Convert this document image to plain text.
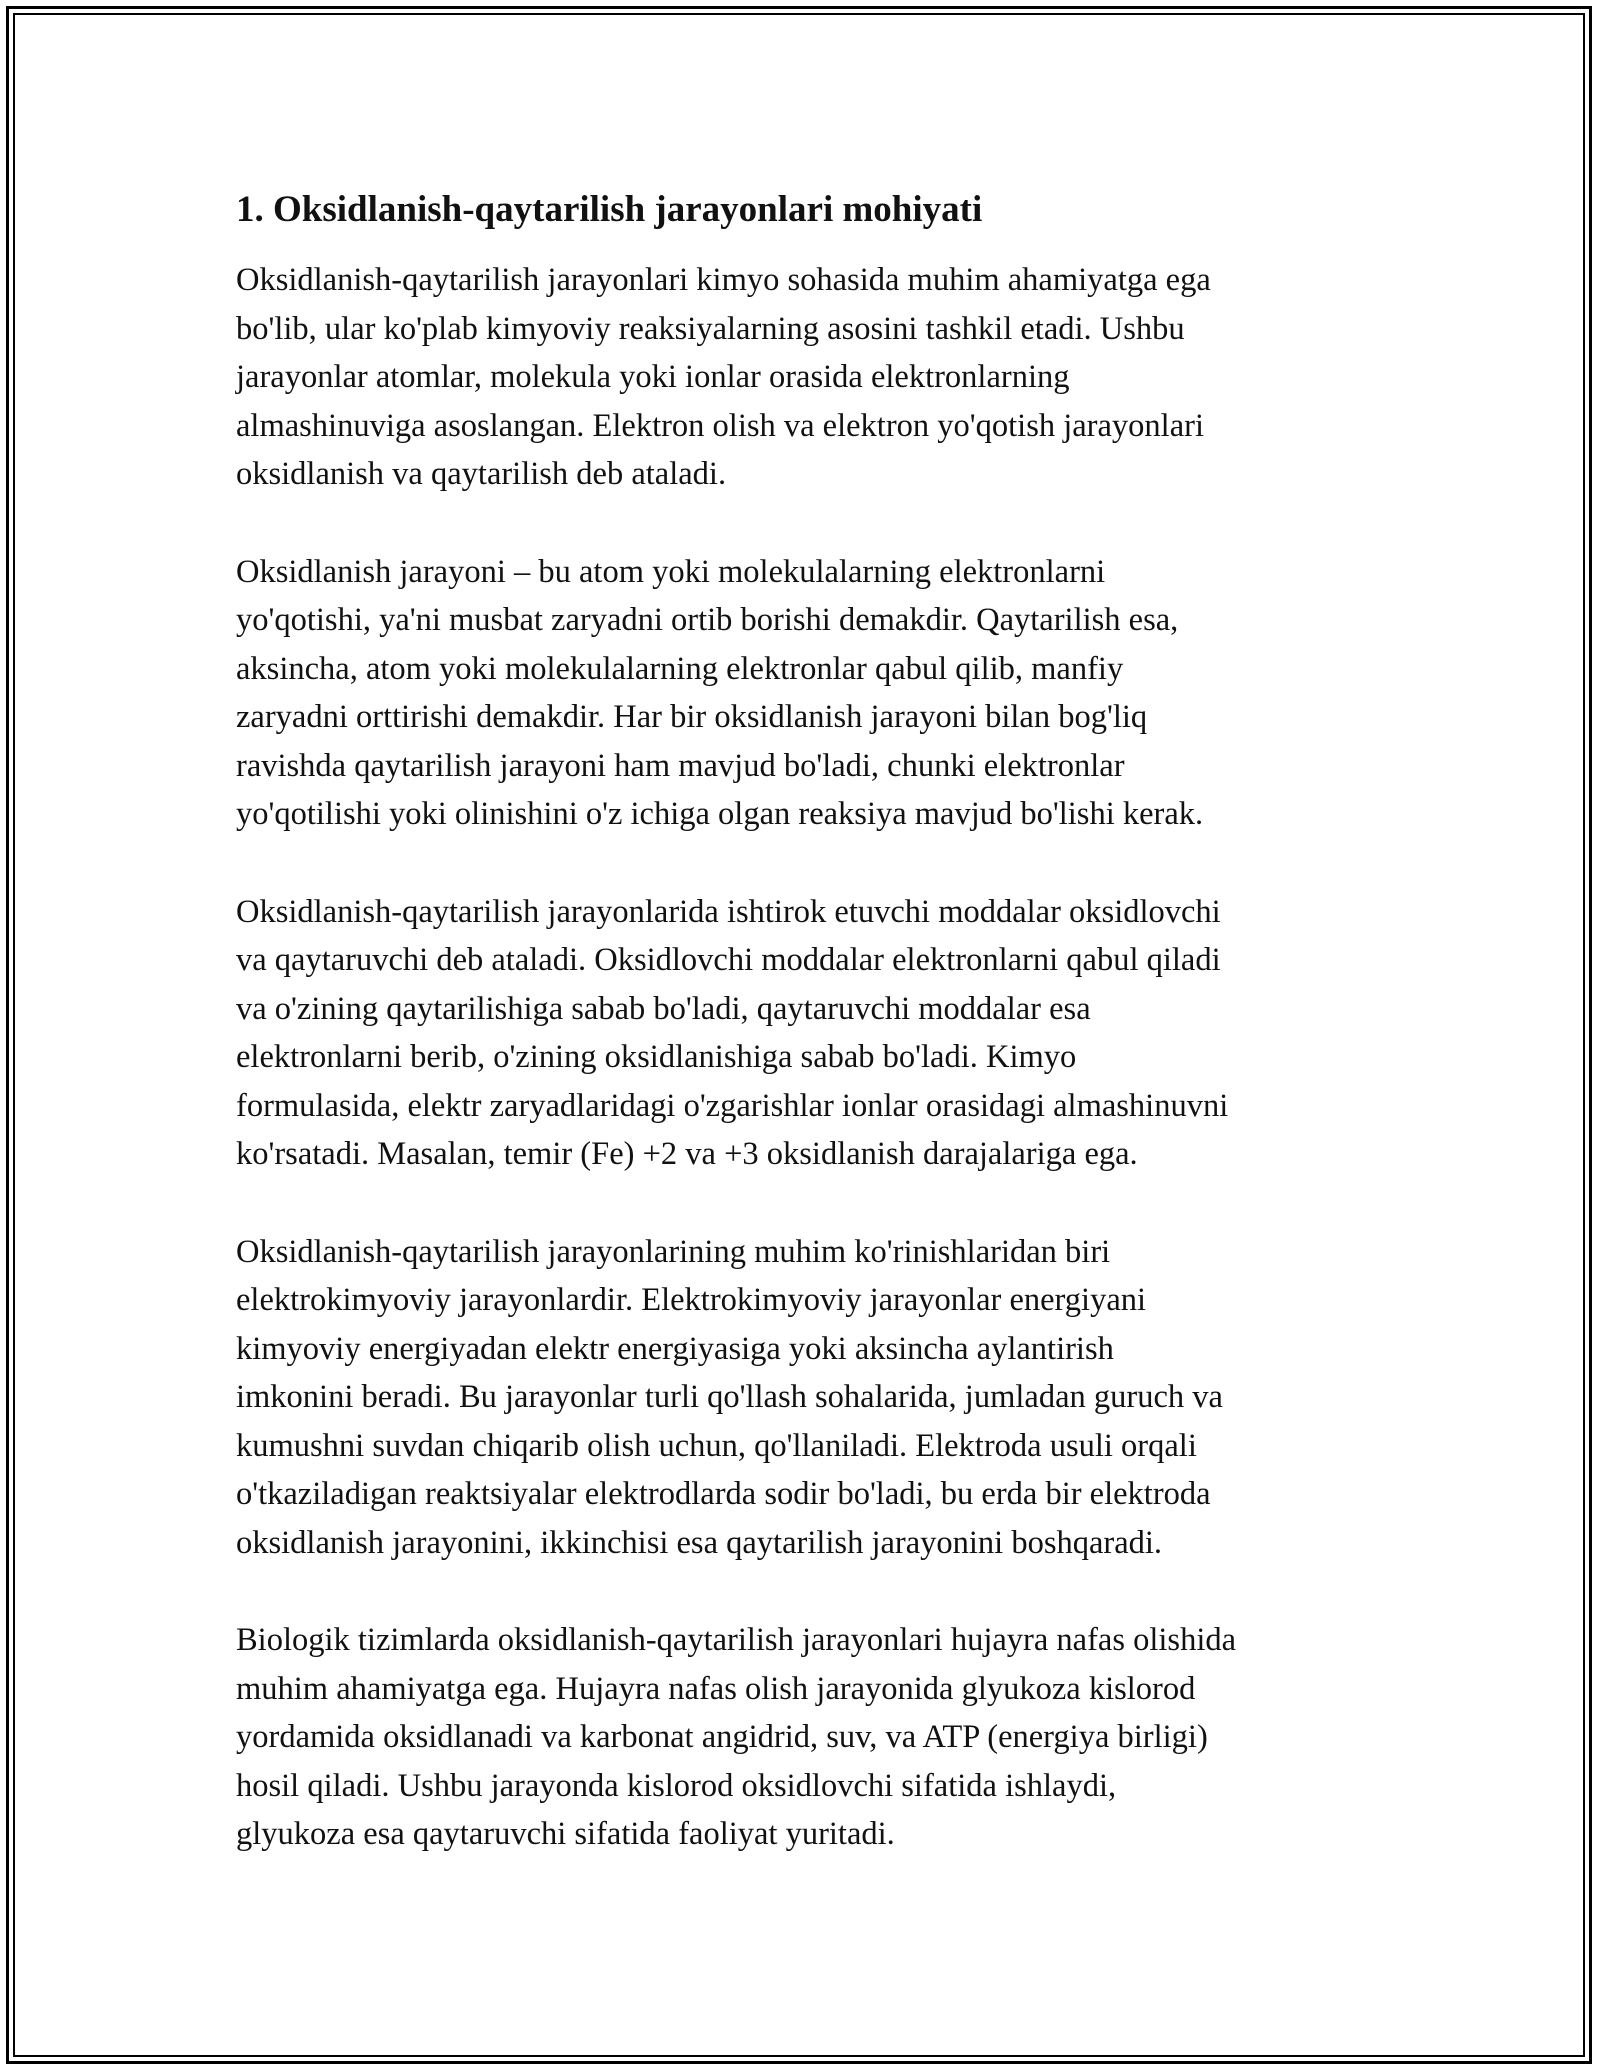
1. Oksidlanish-qaytarilish jarayonlari mohiyati

Oksidlanish-qaytarilish jarayonlari kimyo sohasida muhim ahamiyatga ega
bo'lib, ular ko'plab kimyoviy reaksiyalarning asosini tashkil etadi. Ushbu
jarayonlar atomlar, molekula yoki ionlar orasida elektronlarning
almashinuviga asoslangan. Elektron olish va elektron yo'qotish jarayonlari
oksidlanish va qaytarilish deb ataladi.

Oksidlanish jarayoni – bu atom yoki molekulalarning elektronlarni
yo'qotishi, ya'ni musbat zaryadni ortib borishi demakdir. Qaytarilish esa,
aksincha, atom yoki molekulalarning elektronlar qabul qilib, manfiy
zaryadni orttirishi demakdir. Har bir oksidlanish jarayoni bilan bog'liq
ravishda qaytarilish jarayoni ham mavjud bo'ladi, chunki elektronlar
yo'qotilishi yoki olinishini o'z ichiga olgan reaksiya mavjud bo'lishi kerak.

Oksidlanish-qaytarilish jarayonlarida ishtirok etuvchi moddalar oksidlovchi
va qaytaruvchi deb ataladi. Oksidlovchi moddalar elektronlarni qabul qiladi
va o'zining qaytarilishiga sabab bo'ladi, qaytaruvchi moddalar esa
elektronlarni berib, o'zining oksidlanishiga sabab bo'ladi. Kimyo
formulasida, elektr zaryadlaridagi o'zgarishlar ionlar orasidagi almashinuvni
ko'rsatadi. Masalan, temir (Fe) +2 va +3 oksidlanish darajalariga ega.

Oksidlanish-qaytarilish jarayonlarining muhim ko'rinishlaridan biri
elektrokimyoviy jarayonlardir. Elektrokimyoviy jarayonlar energiyani
kimyoviy energiyadan elektr energiyasiga yoki aksincha aylantirish
imkonini beradi. Bu jarayonlar turli qo'llash sohalarida, jumladan guruch va
kumushni suvdan chiqarib olish uchun, qo'llaniladi. Elektroda usuli orqali
o'tkaziladigan reaktsiyalar elektrodlarda sodir bo'ladi, bu erda bir elektroda
oksidlanish jarayonini, ikkinchisi esa qaytarilish jarayonini boshqaradi.

Biologik tizimlarda oksidlanish-qaytarilish jarayonlari hujayra nafas olishida
muhim ahamiyatga ega. Hujayra nafas olish jarayonida glyukoza kislorod
yordamida oksidlanadi va karbonat angidrid, suv, va ATP (energiya birligi)
hosil qiladi. Ushbu jarayonda kislorod oksidlovchi sifatida ishlaydi,
glyukoza esa qaytaruvchi sifatida faoliyat yuritadi.
